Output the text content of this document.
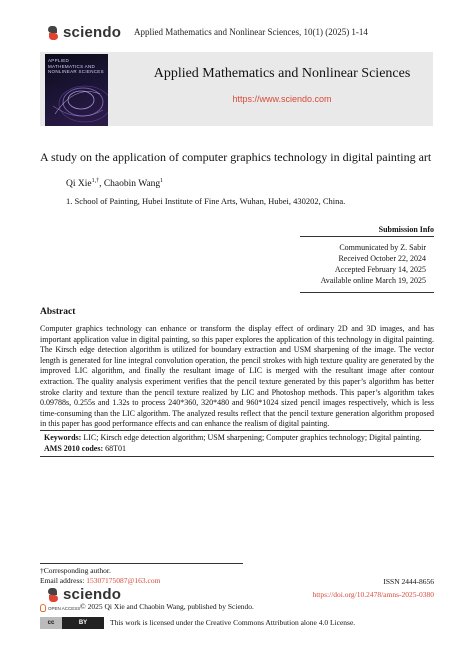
sciendo Applied Mathematics and Nonlinear Sciences, 10(1) (2025) 1-14
APPLIED MATHEMATICS AND NONLINEAR SCIENCES	Applied Mathematics and Nonlinear Sciences
https://www.sciendo.com
A study on the application of computer graphics technology in digital painting art
Qi Xie$^{1,\dagger}$, Chaobin Wang$^1$
1. School of Painting, Hubei Institute of Fine Arts, Wuhan, Hubei, 430202, China.
Submission Info
Communicated by Z. Sabir
Received October 22, 2024
Accepted February 14, 2025
Available online March 19, 2025
Abstract
Computer graphics technology can enhance or transform the display effect of ordinary 2D and 3D images, and has important application value in digital painting, so this paper explores the application of this technology in digital painting. The Kirsch edge detection algorithm is utilized for boundary extraction and USM sharpening of the image. The vector length is generated for line integral convolution operation, the pencil strokes with high texture quality are generated by the improved LIC algorithm, and finally the resultant image of LIC is merged with the resultant image after contour extraction. The quality analysis experiment verifies that the pencil texture generated by this paper’s algorithm has better stroke clarity and texture than the pencil texture realized by LIC and Photoshop methods. This paper’s algorithm takes 0.09788s, 0.255s and 1.32s to process 240*360, 320*480 and 960*1024 sized pencil images respectively, which is less time-consuming than the LIC algorithm. The analyzed results reflect that the pencil texture generation algorithm proposed in this paper has good performance effects and can enhance the realism of digital painting.
Keywords: LIC; Kirsch edge detection algorithm; USM sharpening; Computer graphics technology; Digital painting.
AMS 2010 codes: 68T01
†Corresponding author.
Email address: 15307175087@163.com	ISSN 2444-8656
sciendo	https://doi.org/10.2478/amns-2025-0380
OPEN ACCESS © 2025 Qi Xie and Chaobin Wang, published by Sciendo.
cc	BY	This work is licensed under the Creative Commons Attribution alone 4.0 License.
